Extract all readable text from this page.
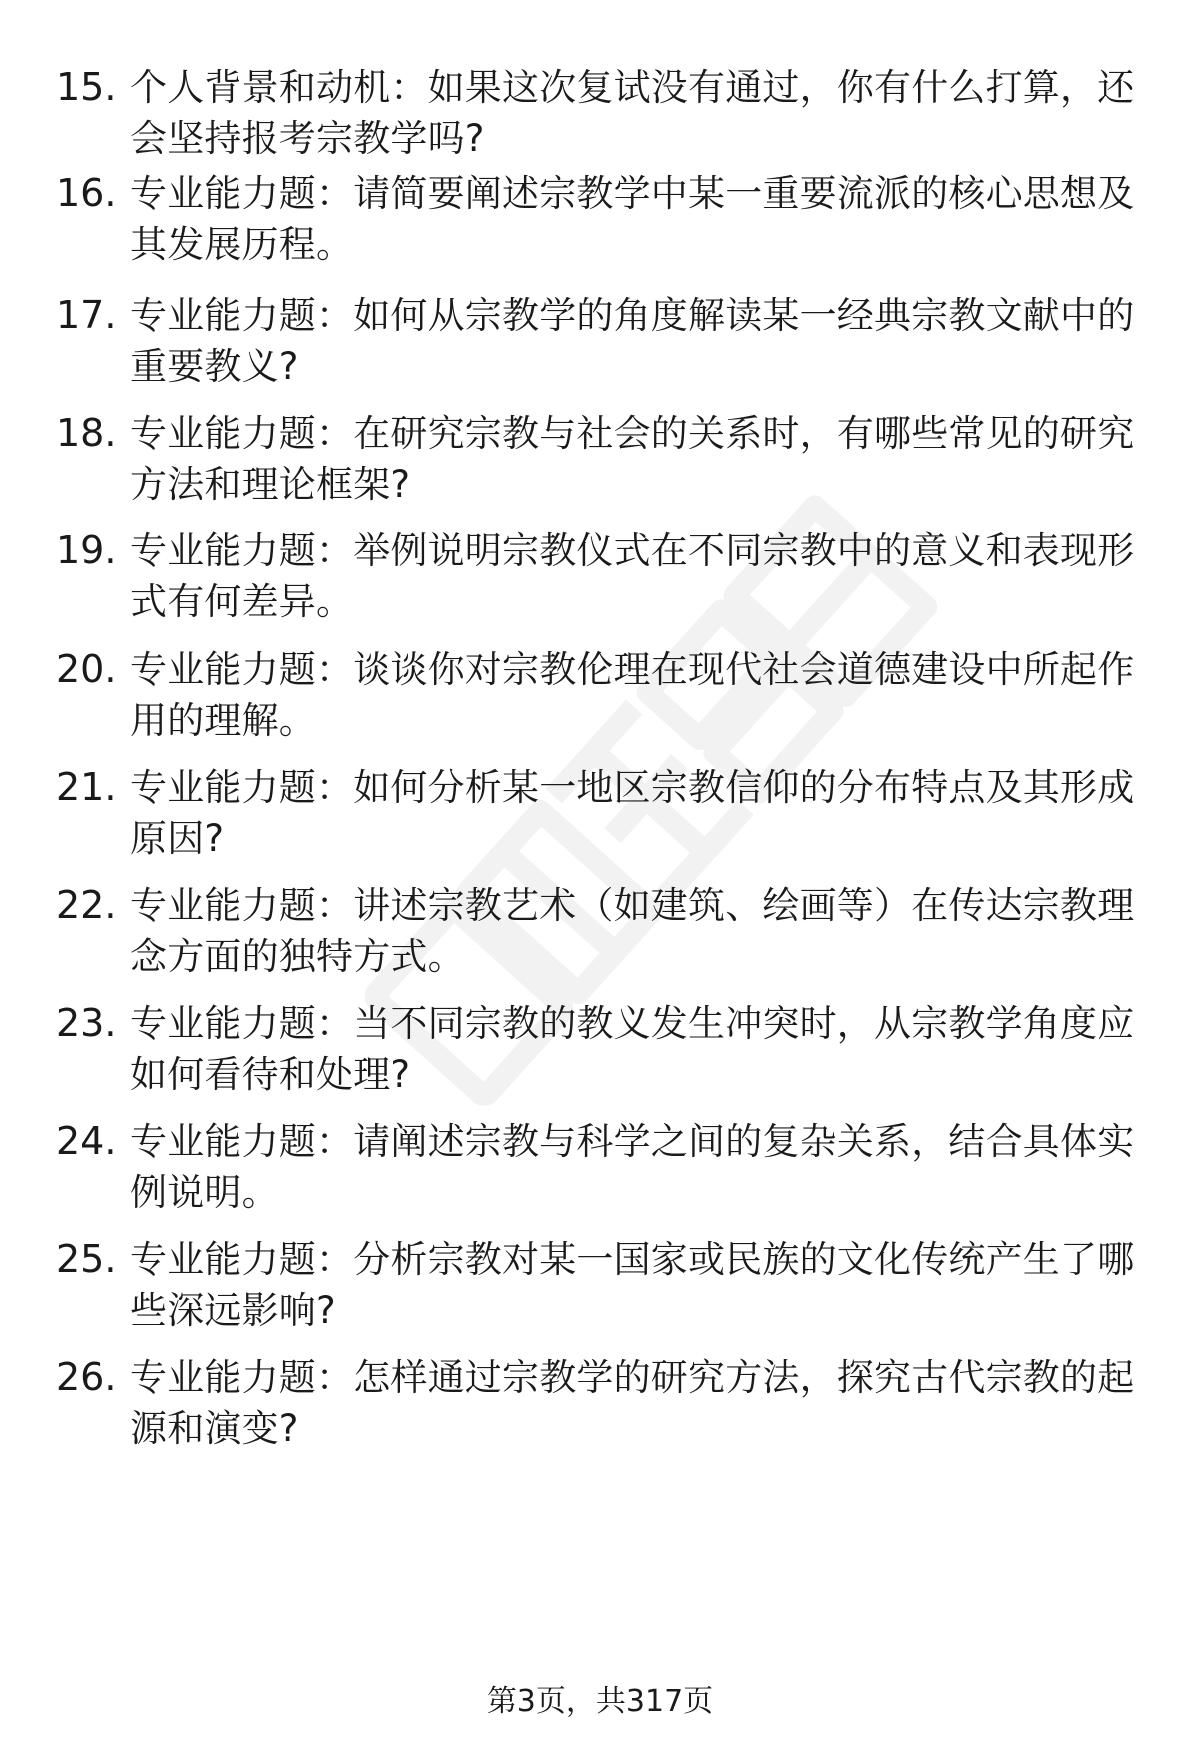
15. 个人背景和动机：如果这次复试没有通过，你有什么打算，还会坚持报考宗教学吗?
16. 专业能力题：请简要阐述宗教学中某一重要流派的核心思想及其发展历程。
17. 专业能力题：如何从宗教学的角度解读某一经典宗教文献中的重要教义?
18. 专业能力题：在研究宗教与社会的关系时，有哪些常见的研究方法和理论框架?
19. 专业能力题：举例说明宗教仪式在不同宗教中的意义和表现形式有何差异。
20. 专业能力题：谈谈你对宗教伦理在现代社会道德建设中所起作用的理解。
21. 专业能力题：如何分析某一地区宗教信仰的分布特点及其形成原因?
22. 专业能力题：讲述宗教艺术（如建筑、绘画等）在传达宗教理念方面的独特方式。
23. 专业能力题：当不同宗教的教义发生冲突时，从宗教学角度应如何看待和处理?
24. 专业能力题：请阐述宗教与科学之间的复杂关系，结合具体实例说明。
25. 专业能力题：分析宗教对某一国家或民族的文化传统产生了哪些深远影响?
26. 专业能力题：怎样通过宗教学的研究方法，探究古代宗教的起源和演变?
第3页，共317页
